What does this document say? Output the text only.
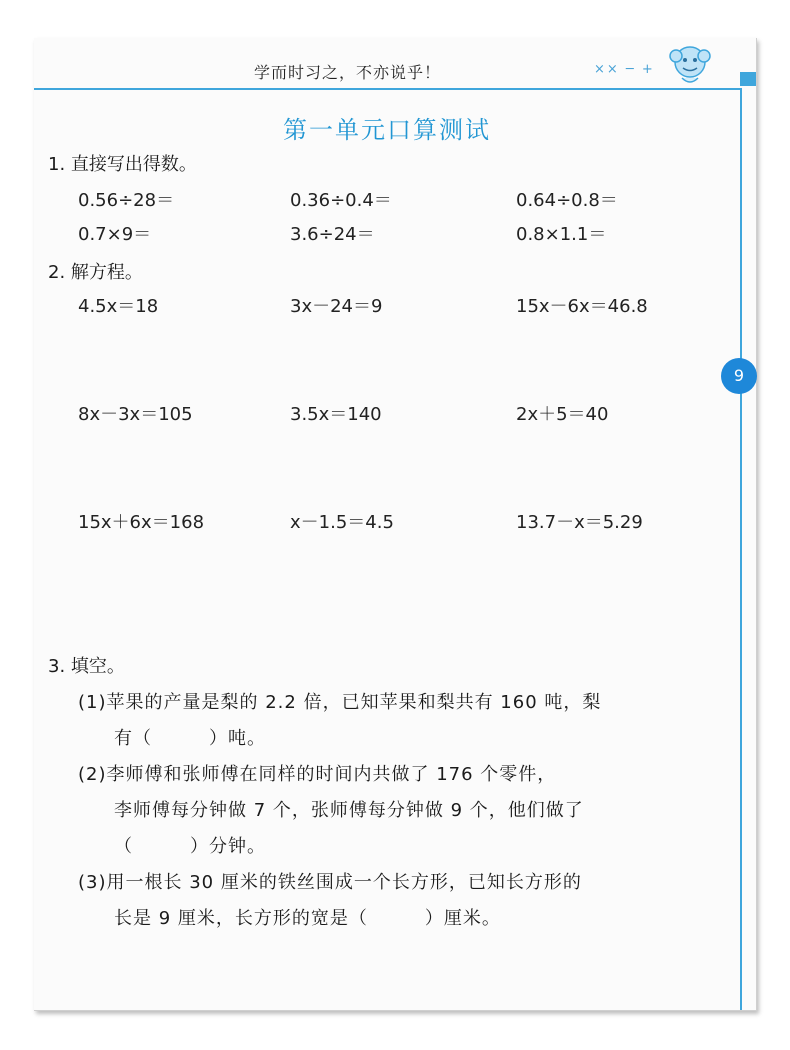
学而时习之，不亦说乎！	×× ─ +
9
第一单元口算测试
1. 直接写出得数。
0.56÷28＝	0.36÷0.4＝	0.64÷0.8＝
0.7×9＝	3.6÷24＝	0.8×1.1＝
2. 解方程。
4.5x＝18	3x－24＝9	15x－6x＝46.8
8x－3x＝105	3.5x＝140	2x＋5＝40
15x＋6x＝168	x－1.5＝4.5	13.7－x＝5.29
3. 填空。
(1)苹果的产量是梨的 2.2 倍，已知苹果和梨共有 160 吨，梨
有（　　　）吨。
(2)李师傅和张师傅在同样的时间内共做了 176 个零件，
李师傅每分钟做 7 个，张师傅每分钟做 9 个，他们做了
（　　　）分钟。
(3)用一根长 30 厘米的铁丝围成一个长方形，已知长方形的
长是 9 厘米，长方形的宽是（　　　）厘米。
